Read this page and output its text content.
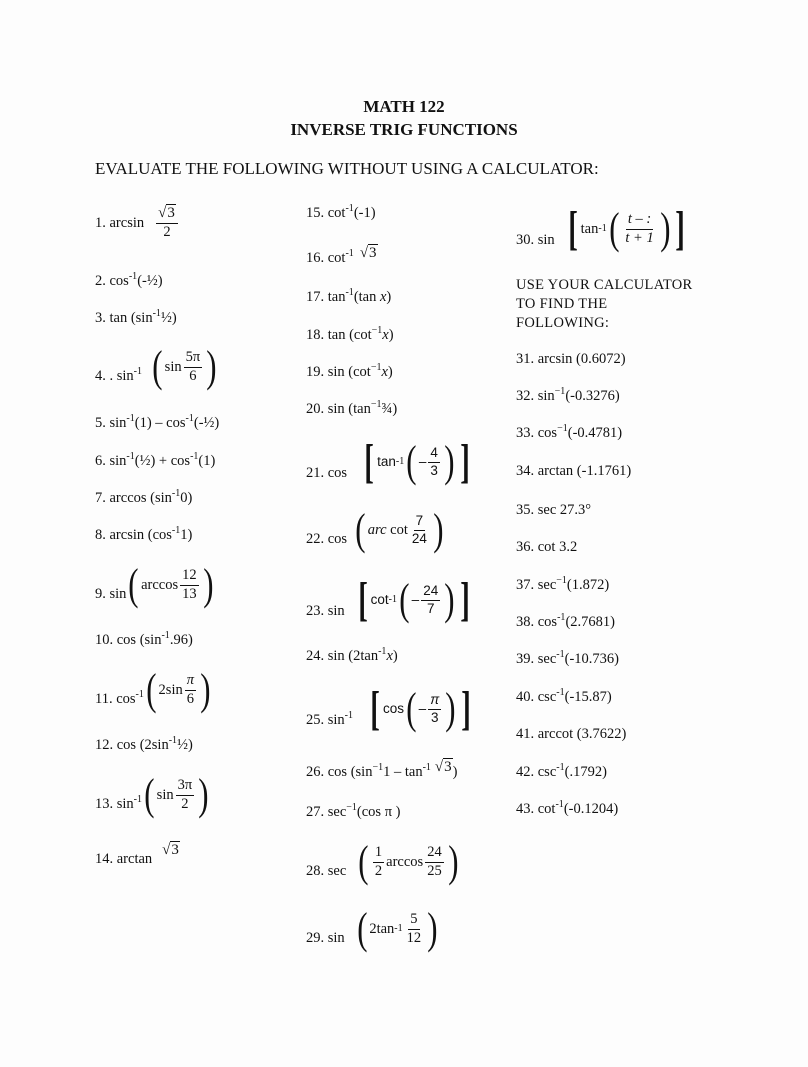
MATH 122
INVERSE TRIG FUNCTIONS
EVALUATE THE FOLLOWING WITHOUT USING A CALCULATOR:
1. $\arcsin \frac{√3}{2}$
2. $\cos^{-1}(-\frac{1}{2})$
3. $\tan (\sin^{-1}\frac{1}{2})$
4. . $\sin^{-1}$ ( $\sin \frac{5\pi}{6}$ )
5. $\sin^{-1}(1)$ – $\cos^{-1}(-\frac{1}{2})$
6. $\sin^{-1}(\frac{1}{2}) + \cos^{-1}(1)$
7. $\arccos (\sin^{-1}0)$
8. $\arcsin (\cos^{-1}1)$
9. sin ( $\arccos \frac{12}{13}$ )
10. $\cos (\sin^{-1}.96)$
11. $\cos^{-1}$ ( $2\sin \frac{\pi}{6}$ )
12. $\cos (2\sin^{-1}\frac{1}{2})$
13. $\sin^{-1}$ ( $\sin \frac{3\pi}{2}$ )
14. arctan
√3
15. $\cot^{-1}(-1)$
16. $\cot^{-1} √3$
17. $\tan^{-1}(\tan$ x)
18. $\tan (\cot^{-1}x)$
19. $\sin (\cot^{-1}x)$
20. $\sin (\tan^{-1}\frac{3}{4})$
21. cos [ tan -1 ( – $\frac{4}{3}$ ) ]
22. cos ( arc
$\cot \frac{7}{24}$ )
23. sin [ cot -1 ( – $\frac{24}{7}$ ) ]
24. $\sin (2\tan^{-1}x)$
25. $\sin^{-1}$ [ cos ( – $\frac{\pi}{3}$ ) ]
26. $\cos (\sin^{-1}1 - \tan^{-1} √3$ )
27. $\sec^{-1}(\cos$ π )
28. sec ( $\frac{1}{2}$ $\arccos \frac{24}{25}$ )
29. sin ( 2tan $-1 \frac{5}{12}$ )
30. sin [ tan -1 ( $\frac{t - :}{t + 1}$ ) ]
USE YOUR CALCULATOR
TO FIND THE
FOLLOWING:
31. arcsin (0.6072)
32. $\sin^{-1}(-0.3276)$
33. $\cos^{-1}(-0.4781)$
34. arctan (-1.1761)
35. sec 27.3°
36. cot 3.2
37. $\sec^{-1}(1.872)$
38. $\cos^{-1}(2.7681)$
39. $\sec^{-1}(-10.736)$
40. $\csc^{-1}(-15.87)$
41. arccot (3.7622)
42. $\csc^{-1}(.1792)$
43. $\cot^{-1}(-0.1204)$
